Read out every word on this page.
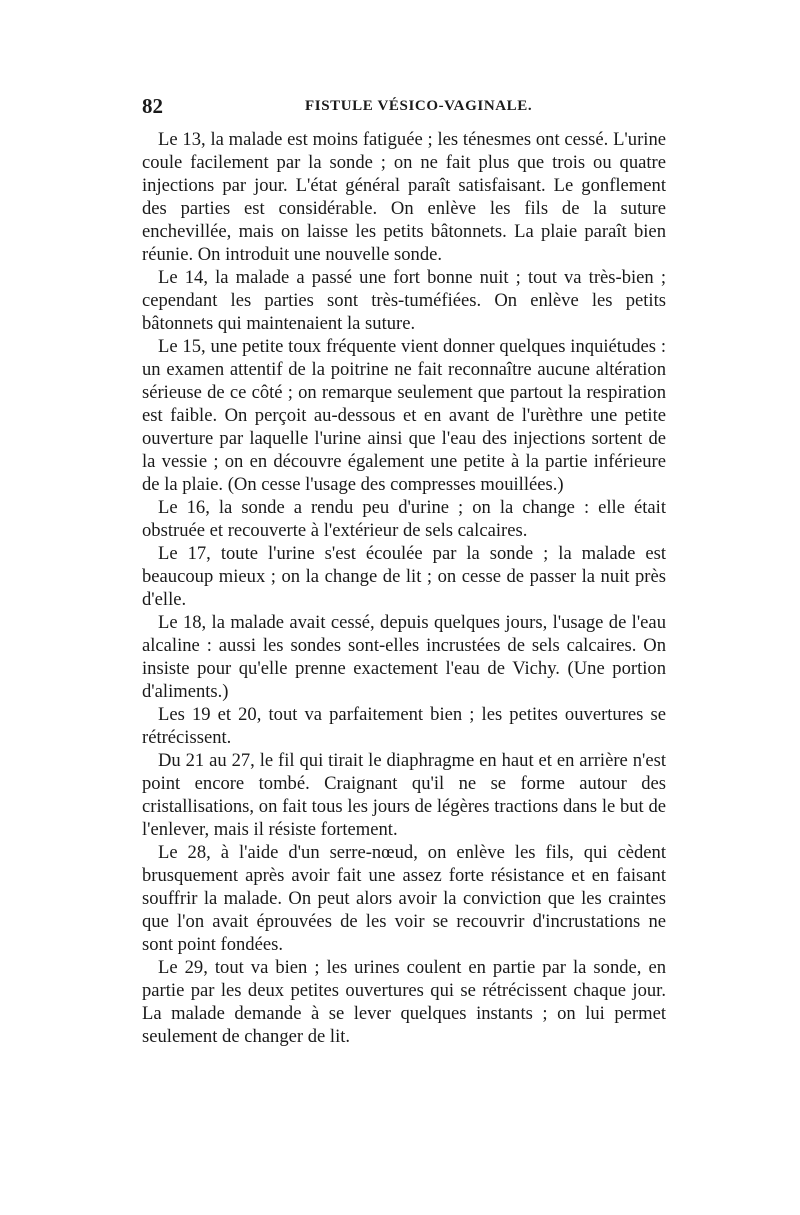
82	FISTULE VÉSICO-VAGINALE.

Le 13, la malade est moins fatiguée ; les ténesmes ont cessé. L'urine coule facilement par la sonde ; on ne fait plus que trois ou quatre injections par jour. L'état général paraît satisfaisant. Le gonflement des parties est considérable. On enlève les fils de la suture enchevillée, mais on laisse les petits bâtonnets. La plaie paraît bien réunie. On introduit une nouvelle sonde.

Le 14, la malade a passé une fort bonne nuit ; tout va très-bien ; cependant les parties sont très-tuméfiées. On enlève les petits bâtonnets qui maintenaient la suture.

Le 15, une petite toux fréquente vient donner quelques inquiétudes : un examen attentif de la poitrine ne fait reconnaître aucune altération sérieuse de ce côté ; on remarque seulement que partout la respiration est faible. On perçoit au-dessous et en avant de l'urèthre une petite ouverture par laquelle l'urine ainsi que l'eau des injections sortent de la vessie ; on en découvre également une petite à la partie inférieure de la plaie. (On cesse l'usage des compresses mouillées.)

Le 16, la sonde a rendu peu d'urine ; on la change : elle était obstruée et recouverte à l'extérieur de sels calcaires.

Le 17, toute l'urine s'est écoulée par la sonde ; la malade est beaucoup mieux ; on la change de lit ; on cesse de passer la nuit près d'elle.

Le 18, la malade avait cessé, depuis quelques jours, l'usage de l'eau alcaline : aussi les sondes sont-elles incrustées de sels calcaires. On insiste pour qu'elle prenne exactement l'eau de Vichy. (Une portion d'aliments.)

Les 19 et 20, tout va parfaitement bien ; les petites ouvertures se rétrécissent.

Du 21 au 27, le fil qui tirait le diaphragme en haut et en arrière n'est point encore tombé. Craignant qu'il ne se forme autour des cristallisations, on fait tous les jours de légères tractions dans le but de l'enlever, mais il résiste fortement.

Le 28, à l'aide d'un serre-nœud, on enlève les fils, qui cèdent brusquement après avoir fait une assez forte résistance et en faisant souffrir la malade. On peut alors avoir la conviction que les craintes que l'on avait éprouvées de les voir se recouvrir d'incrustations ne sont point fondées.

Le 29, tout va bien ; les urines coulent en partie par la sonde, en partie par les deux petites ouvertures qui se rétrécissent chaque jour. La malade demande à se lever quelques instants ; on lui permet seulement de changer de lit.
